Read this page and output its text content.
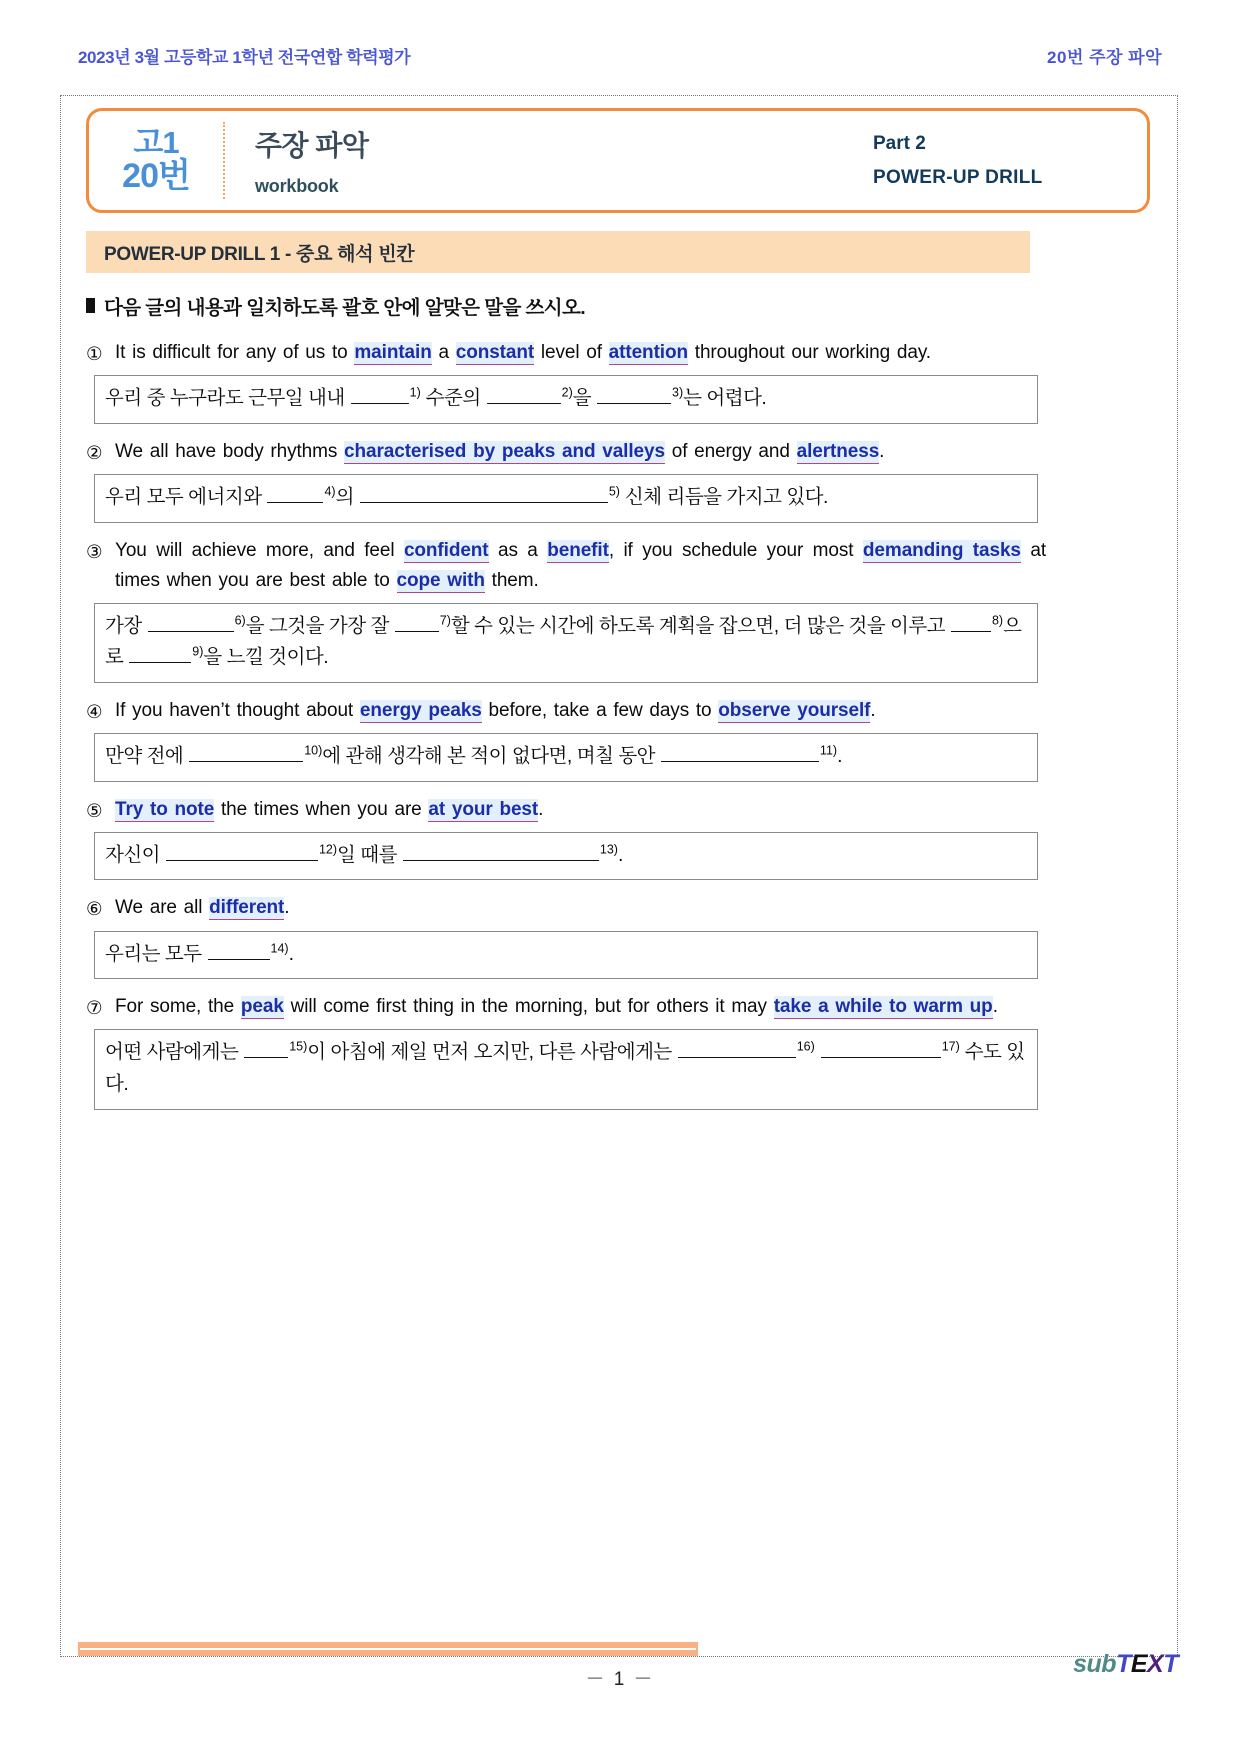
2023년 3월 고등학교 1학년 전국연합 학력평가	20번 주장 파악
고1
20번
주장 파악
workbook
Part 2
POWER-UP DRILL
POWER-UP DRILL 1 - 중요 해석 빈칸
다음 글의 내용과 일치하도록 괄호 안에 알맞은 말을 쓰시오.
① It is difficult for any of us to maintain a constant level of attention throughout our working day.
우리 중 누구라도 근무일 내내	$^{1)}$ 수준의	$^{2)}$을	$^{3)}$는 어렵다.
② We all have body rhythms characterised by peaks and valleys of energy and alertness.
우리 모두 에너지와	$^{4)}$의	$^{5)}$ 신체 리듬을 가지고 있다.
③ You will achieve more, and feel confident as a benefit, if you schedule your most demanding tasks at times when you are best able to cope with them.
가장	$^{6)}$을 그것을 가장 잘	$^{7)}$할 수 있는 시간에 하도록 계획을 잡으면, 더 많은 것을 이루고	$^{8)}$으로	$^{9)}$을 느낄 것이다.
④ If you haven’t thought about energy peaks before, take a few days to observe yourself.
만약 전에	$^{10)}$에 관해 생각해 본 적이 없다면, 며칠 동안	$^{11)}$.
⑤ Try to note the times when you are at your best.
자신이	$^{12)}$일 때를	$^{13)}$.
⑥ We are all different.
우리는 모두	$^{14)}$.
⑦ For some, the peak will come first thing in the morning, but for others it may take a while to warm up.
어떤 사람에게는	$^{15)}$이 아침에 제일 먼저 오지만, 다른 사람에게는	$^{16)}$	$^{17)}$ 수도 있다.
－ 1 －
subTEXT
